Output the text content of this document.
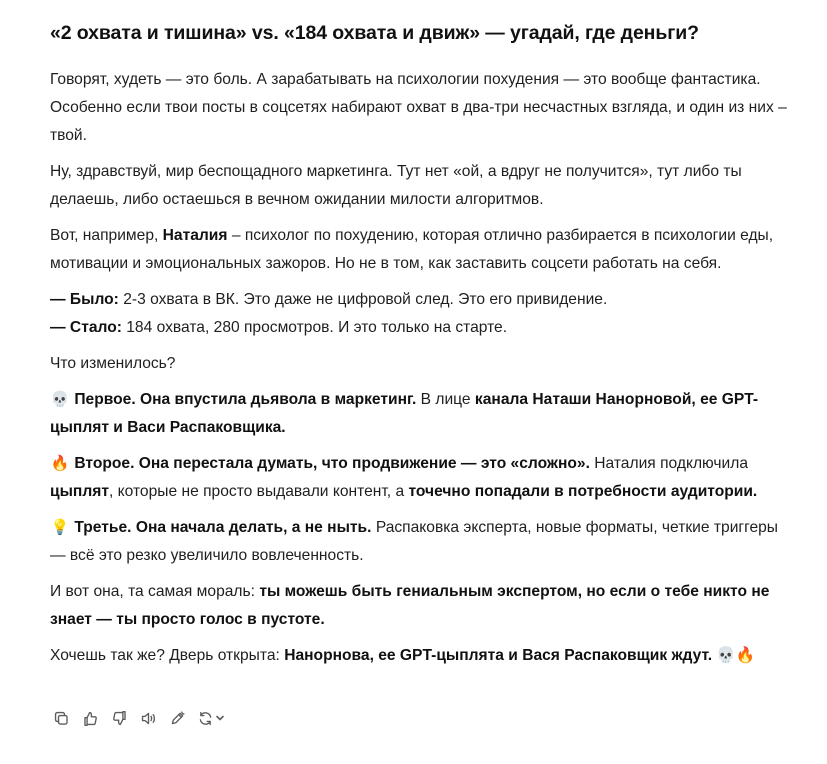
«2 охвата и тишина» vs. «184 охвата и движ» — угадай, где деньги?

Говорят, худеть — это боль. А зарабатывать на психологии похудения — это вообще фантастика. Особенно если твои посты в соцсетях набирают охват в два-три несчастных взгляда, и один из них – твой.

Ну, здравствуй, мир беспощадного маркетинга. Тут нет «ой, а вдруг не получится», тут либо ты делаешь, либо остаешься в вечном ожидании милости алгоритмов.

Вот, например, Наталия – психолог по похудению, которая отлично разбирается в психологии еды, мотивации и эмоциональных зажоров. Но не в том, как заставить соцсети работать на себя.

— Было: 2-3 охвата в ВК. Это даже не цифровой след. Это его привидение.
— Стало: 184 охвата, 280 просмотров. И это только на старте.

Что изменилось?

💀 Первое. Она впустила дьявола в маркетинг. В лице канала Наташи Нанорновой, ее GPT-цыплят и Васи Распаковщика.

🔥 Второе. Она перестала думать, что продвижение — это «сложно». Наталия подключила цыплят, которые не просто выдавали контент, а точечно попадали в потребности аудитории.

💡 Третье. Она начала делать, а не ныть. Распаковка эксперта, новые форматы, четкие триггеры — всё это резко увеличило вовлеченность.

И вот она, та самая мораль: ты можешь быть гениальным экспертом, но если о тебе никто не знает — ты просто голос в пустоте.

Хочешь так же? Дверь открыта: Нанорнова, ее GPT-цыплята и Вася Распаковщик ждут. 💀🔥
